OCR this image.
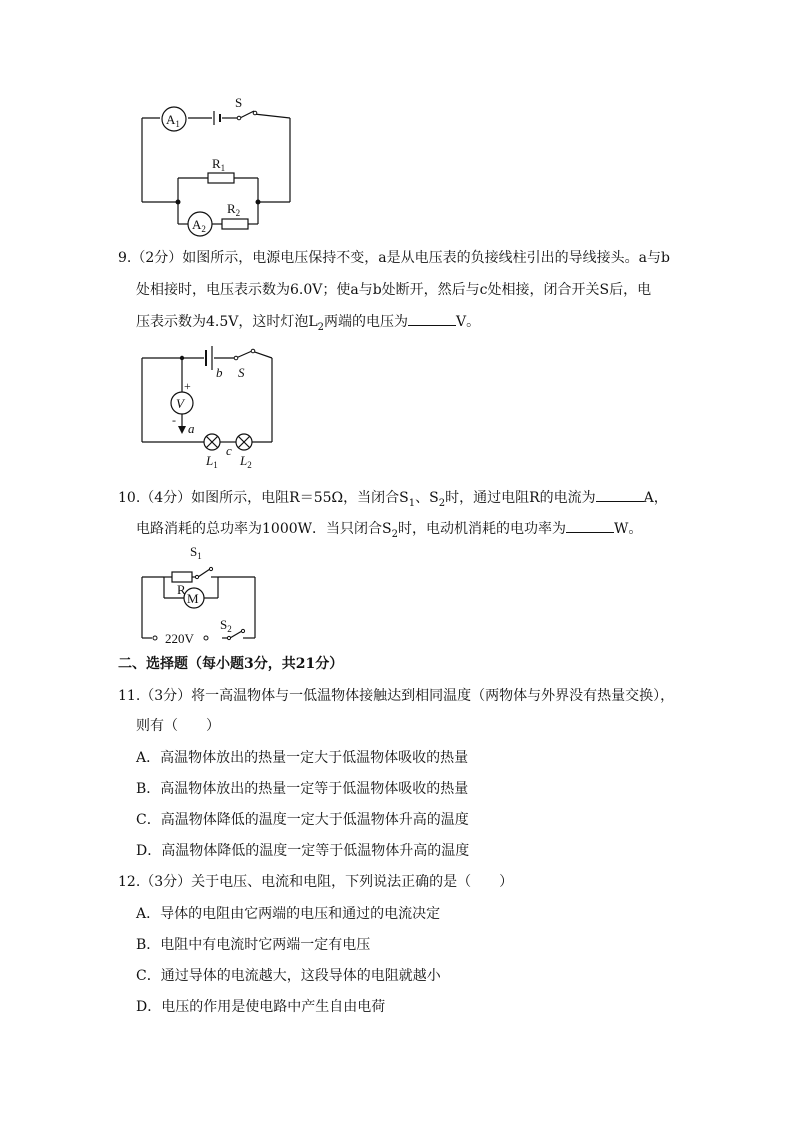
$A_1$
S
$R_1$
$R_2$
$A_2$
9.（2分）如图所示，电源电压保持不变，a是从电压表的负接线柱引出的导线接头。a与b
处相接时，电压表示数为6.0V；使a与b处断开，然后与c处相接，闭合开关S后，电
压表示数为4.5V，这时灯泡$L_2$两端的电压为	V。
b S
+
V
-
a
$L_1$
c
$L_2$
10.（4分）如图所示，电阻R＝55Ω，当闭合$S_1$、$S_2$时，通过电阻R的电流为	A，
电路消耗的总功率为1000W．当只闭合$S_2$时，电动机消耗的电功率为	W。
$S_1$
R
M
220V
$S_2$
二、选择题（每小题3分，共21分）
11.（3分）将一高温物体与一低温物体接触达到相同温度（两物体与外界没有热量交换），
则有（　　）
A．高温物体放出的热量一定大于低温物体吸收的热量
B．高温物体放出的热量一定等于低温物体吸收的热量
C．高温物体降低的温度一定大于低温物体升高的温度
D．高温物体降低的温度一定等于低温物体升高的温度
12.（3分）关于电压、电流和电阻，下列说法正确的是（　　）
A．导体的电阻由它两端的电压和通过的电流决定
B．电阻中有电流时它两端一定有电压
C．通过导体的电流越大，这段导体的电阻就越小
D．电压的作用是使电路中产生自由电荷
